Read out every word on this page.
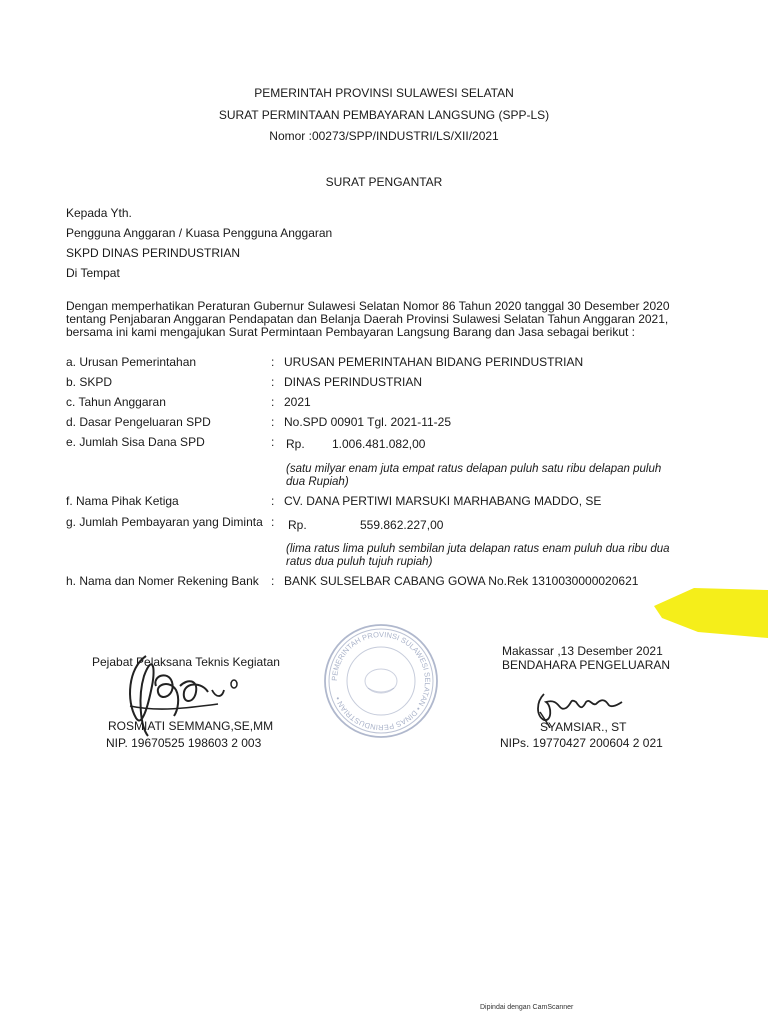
PEMERINTAH PROVINSI SULAWESI SELATAN
SURAT PERMINTAAN PEMBAYARAN LANGSUNG (SPP-LS)
Nomor :00273/SPP/INDUSTRI/LS/XII/2021
SURAT PENGANTAR
Kepada Yth.
Pengguna Anggaran / Kuasa Pengguna Anggaran
SKPD DINAS PERINDUSTRIAN
Di Tempat
Dengan memperhatikan Peraturan Gubernur Sulawesi Selatan Nomor 86 Tahun 2020 tanggal 30 Desember 2020
tentang Penjabaran Anggaran Pendapatan dan Belanja Daerah Provinsi Sulawesi Selatan Tahun Anggaran 2021,
bersama ini kami mengajukan Surat Permintaan Pembayaran Langsung Barang dan Jasa sebagai berikut :
a. Urusan Pemerintahan	: URUSAN PEMERINTAHAN BIDANG PERINDUSTRIAN
b. SKPD	: DINAS PERINDUSTRIAN
c. Tahun Anggaran	: 2021
d. Dasar Pengeluaran SPD	: No.SPD 00901 Tgl. 2021-11-25
e. Jumlah Sisa Dana SPD	: Rp. 1.006.481.082,00
(satu milyar enam juta empat ratus delapan puluh satu ribu delapan puluh
dua Rupiah)
f. Nama Pihak Ketiga	: CV. DANA PERTIWI MARSUKI MARHABANG MADDO, SE
g. Jumlah Pembayaran yang Diminta : Rp.	559.862.227,00
(lima ratus lima puluh sembilan juta delapan ratus enam puluh dua ribu dua
ratus dua puluh tujuh rupiah)
h. Nama dan Nomer Rekening Bank : BANK SULSELBAR CABANG GOWA No.Rek 1310030000020621
PEMERINTAH PROVINSI SULAWESI SELATAN • DINAS PERINDUSTRIAN •
Pejabat Pelaksana Teknis Kegiatan
ROSMIATI SEMMANG,SE,MM
NIP. 19670525 198603 2 003
Makassar ,13 Desember 2021
BENDAHARA PENGELUARAN
SYAMSIAR., ST
NIPs. 19770427 200604 2 021
Dipindai dengan CamScanner
